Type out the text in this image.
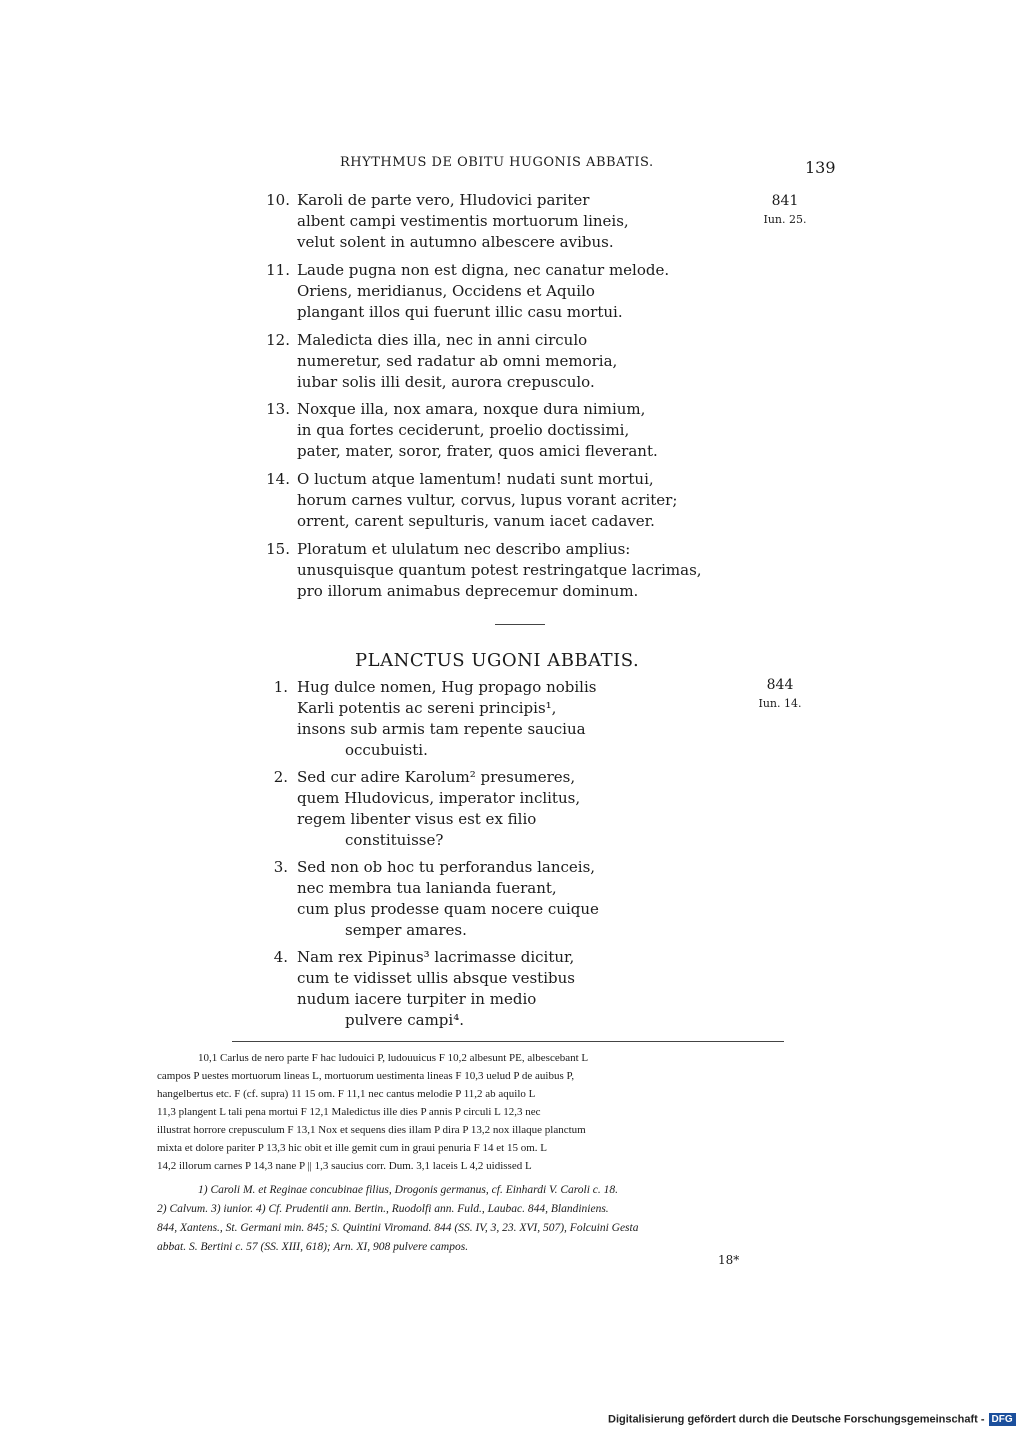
RHYTHMUS DE OBITU HUGONIS ABBATIS.	139
841
Iun. 25.
10. Karoli de parte vero, Hludovici pariter
albent campi vestimentis mortuorum lineis,
velut solent in autumno albescere avibus.
11. Laude pugna non est digna, nec canatur melode.
Oriens, meridianus, Occidens et Aquilo
plangant illos qui fuerunt illic casu mortui.
12. Maledicta dies illa, nec in anni circulo
numeretur, sed radatur ab omni memoria,
iubar solis illi desit, aurora crepusculo.
13. Noxque illa, nox amara, noxque dura nimium,
in qua fortes ceciderunt, proelio doctissimi,
pater, mater, soror, frater, quos amici fleverant.
14. O luctum atque lamentum! nudati sunt mortui,
horum carnes vultur, corvus, lupus vorant acriter;
orrent, carent sepulturis, vanum iacet cadaver.
15. Ploratum et ululatum nec describo amplius:
unusquisque quantum potest restringatque lacrimas,
pro illorum animabus deprecemur dominum.
PLANCTUS UGONI ABBATIS.
844
Iun. 14.
1. Hug dulce nomen, Hug propago nobilis
Karli potentis ac sereni principis¹,
insons sub armis tam repente sauciua
occubuisti.
2. Sed cur adire Karolum² presumeres,
quem Hludovicus, imperator inclitus,
regem libenter visus est ex filio
constituisse?
3. Sed non ob hoc tu perforandus lanceis,
nec membra tua lanianda fuerant,
cum plus prodesse quam nocere cuique
semper amares.
4. Nam rex Pipinus³ lacrimasse dicitur,
cum te vidisset ullis absque vestibus
nudum iacere turpiter in medio
pulvere campi⁴.
10,1 Carlus de nero parte F hac ludouici P, ludouuicus F 10,2 albesunt PE, albescebant L
campos P uestes mortuorum lineas L, mortuorum uestimenta lineas F 10,3 uelud P de auibus P,
hangelbertus etc. F (cf. supra) 11 15 om. F 11,1 nec cantus melodie P 11,2 ab aquilo L
11,3 plangent L tali pena mortui F 12,1 Maledictus ille dies P annis P circuli L 12,3 nec
illustrat horrore crepusculum F 13,1 Nox et sequens dies illam P dira P 13,2 nox illaque planctum
mixta et dolore pariter P 13,3 hic obit et ille gemit cum in graui penuria F 14 et 15 om. L
14,2 illorum carnes P 14,3 nane P || 1,3 saucius corr. Dum. 3,1 laceis L 4,2 uidissed L
1) Caroli M. et Reginae concubinae filius, Drogonis germanus, cf. Einhardi V. Caroli c. 18.
2) Calvum. 3) iunior. 4) Cf. Prudentii ann. Bertin., Ruodolfi ann. Fuld., Laubac. 844, Blandiniens.
844, Xantens., St. Germani min. 845; S. Quintini Viromand. 844 (SS. IV, 3, 23. XVI, 507), Folcuini Gesta
abbat. S. Bertini c. 57 (SS. XIII, 618); Arn. XI, 908 pulvere campos.
18*
Digitalisierung gefördert durch die Deutsche Forschungsgemeinschaft - DFG
